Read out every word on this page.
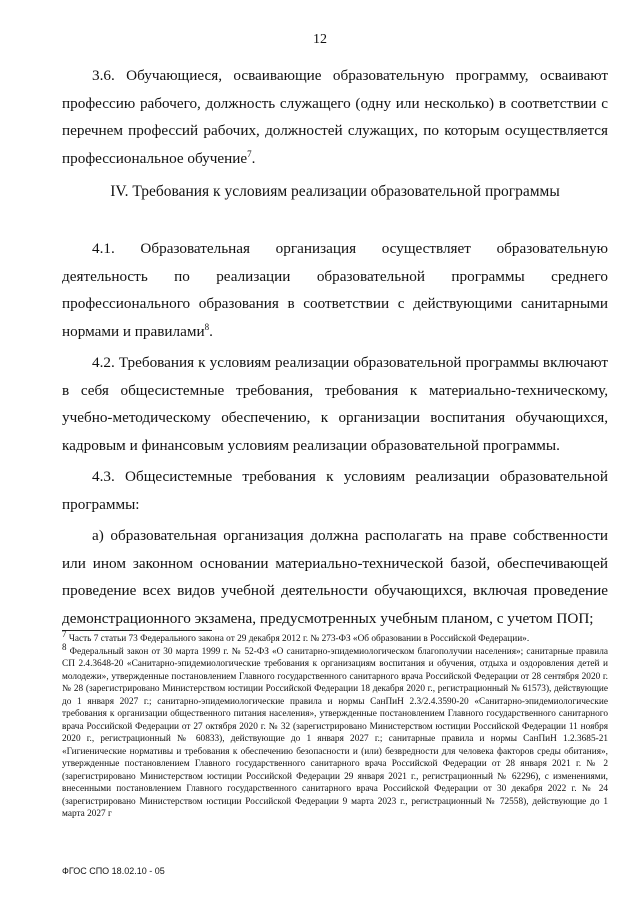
12

3.6. Обучающиеся, осваивающие образовательную программу, осваивают профессию рабочего, должность служащего (одну или несколько) в соответствии с перечнем профессий рабочих, должностей служащих, по которым осуществляется профессиональное обучение$^7$.

IV. Требования к условиям реализации образовательной программы

4.1. Образовательная организация осуществляет образовательную деятельность по реализации образовательной программы среднего профессионального образования в соответствии с действующими санитарными нормами и правилами$^8$.

4.2. Требования к условиям реализации образовательной программы включают в себя общесистемные требования, требования к материально-техническому, учебно-методическому обеспечению, к организации воспитания обучающихся, кадровым и финансовым условиям реализации образовательной программы.

4.3. Общесистемные требования к условиям реализации образовательной программы:

а) образовательная организация должна располагать на праве собственности или ином законном основании материально-технической базой, обеспечивающей проведение всех видов учебной деятельности обучающихся, включая проведение демонстрационного экзамена, предусмотренных учебным планом, с учетом ПОП;

$^7$ Часть 7 статьи 73 Федерального закона от 29 декабря 2012 г. № 273-ФЗ «Об образовании в Российской Федерации».

$^8$ Федеральный закон от 30 марта 1999 г. № 52-ФЗ «О санитарно-эпидемиологическом благополучии населения»; санитарные правила СП 2.4.3648-20 «Санитарно-эпидемиологические требования к организациям воспитания и обучения, отдыха и оздоровления детей и молодежи», утвержденные постановлением Главного государственного санитарного врача Российской Федерации от 28 сентября 2020 г. № 28 (зарегистрировано Министерством юстиции Российской Федерации 18 декабря 2020 г., регистрационный № 61573), действующие до 1 января 2027 г.; санитарно-эпидемиологические правила и нормы СанПиН 2.3/2.4.3590-20 «Санитарно-эпидемиологические требования к организации общественного питания населения», утвержденные постановлением Главного государственного санитарного врача Российской Федерации от 27 октября 2020 г. № 32 (зарегистрировано Министерством юстиции Российской Федерации 11 ноября 2020 г., регистрационный № 60833), действующие до 1 января 2027 г.; санитарные правила и нормы СанПиН 1.2.3685-21 «Гигиенические нормативы и требования к обеспечению безопасности и (или) безвредности для человека факторов среды обитания», утвержденные постановлением Главного государственного санитарного врача Российской Федерации от 28 января 2021 г. № 2 (зарегистрировано Министерством юстиции Российской Федерации 29 января 2021 г., регистрационный № 62296), с изменениями, внесенными постановлением Главного государственного санитарного врача Российской Федерации от 30 декабря 2022 г. № 24 (зарегистрировано Министерством юстиции Российской Федерации 9 марта 2023 г., регистрационный № 72558), действующие до 1 марта 2027 г

ФГОС СПО 18.02.10 - 05
